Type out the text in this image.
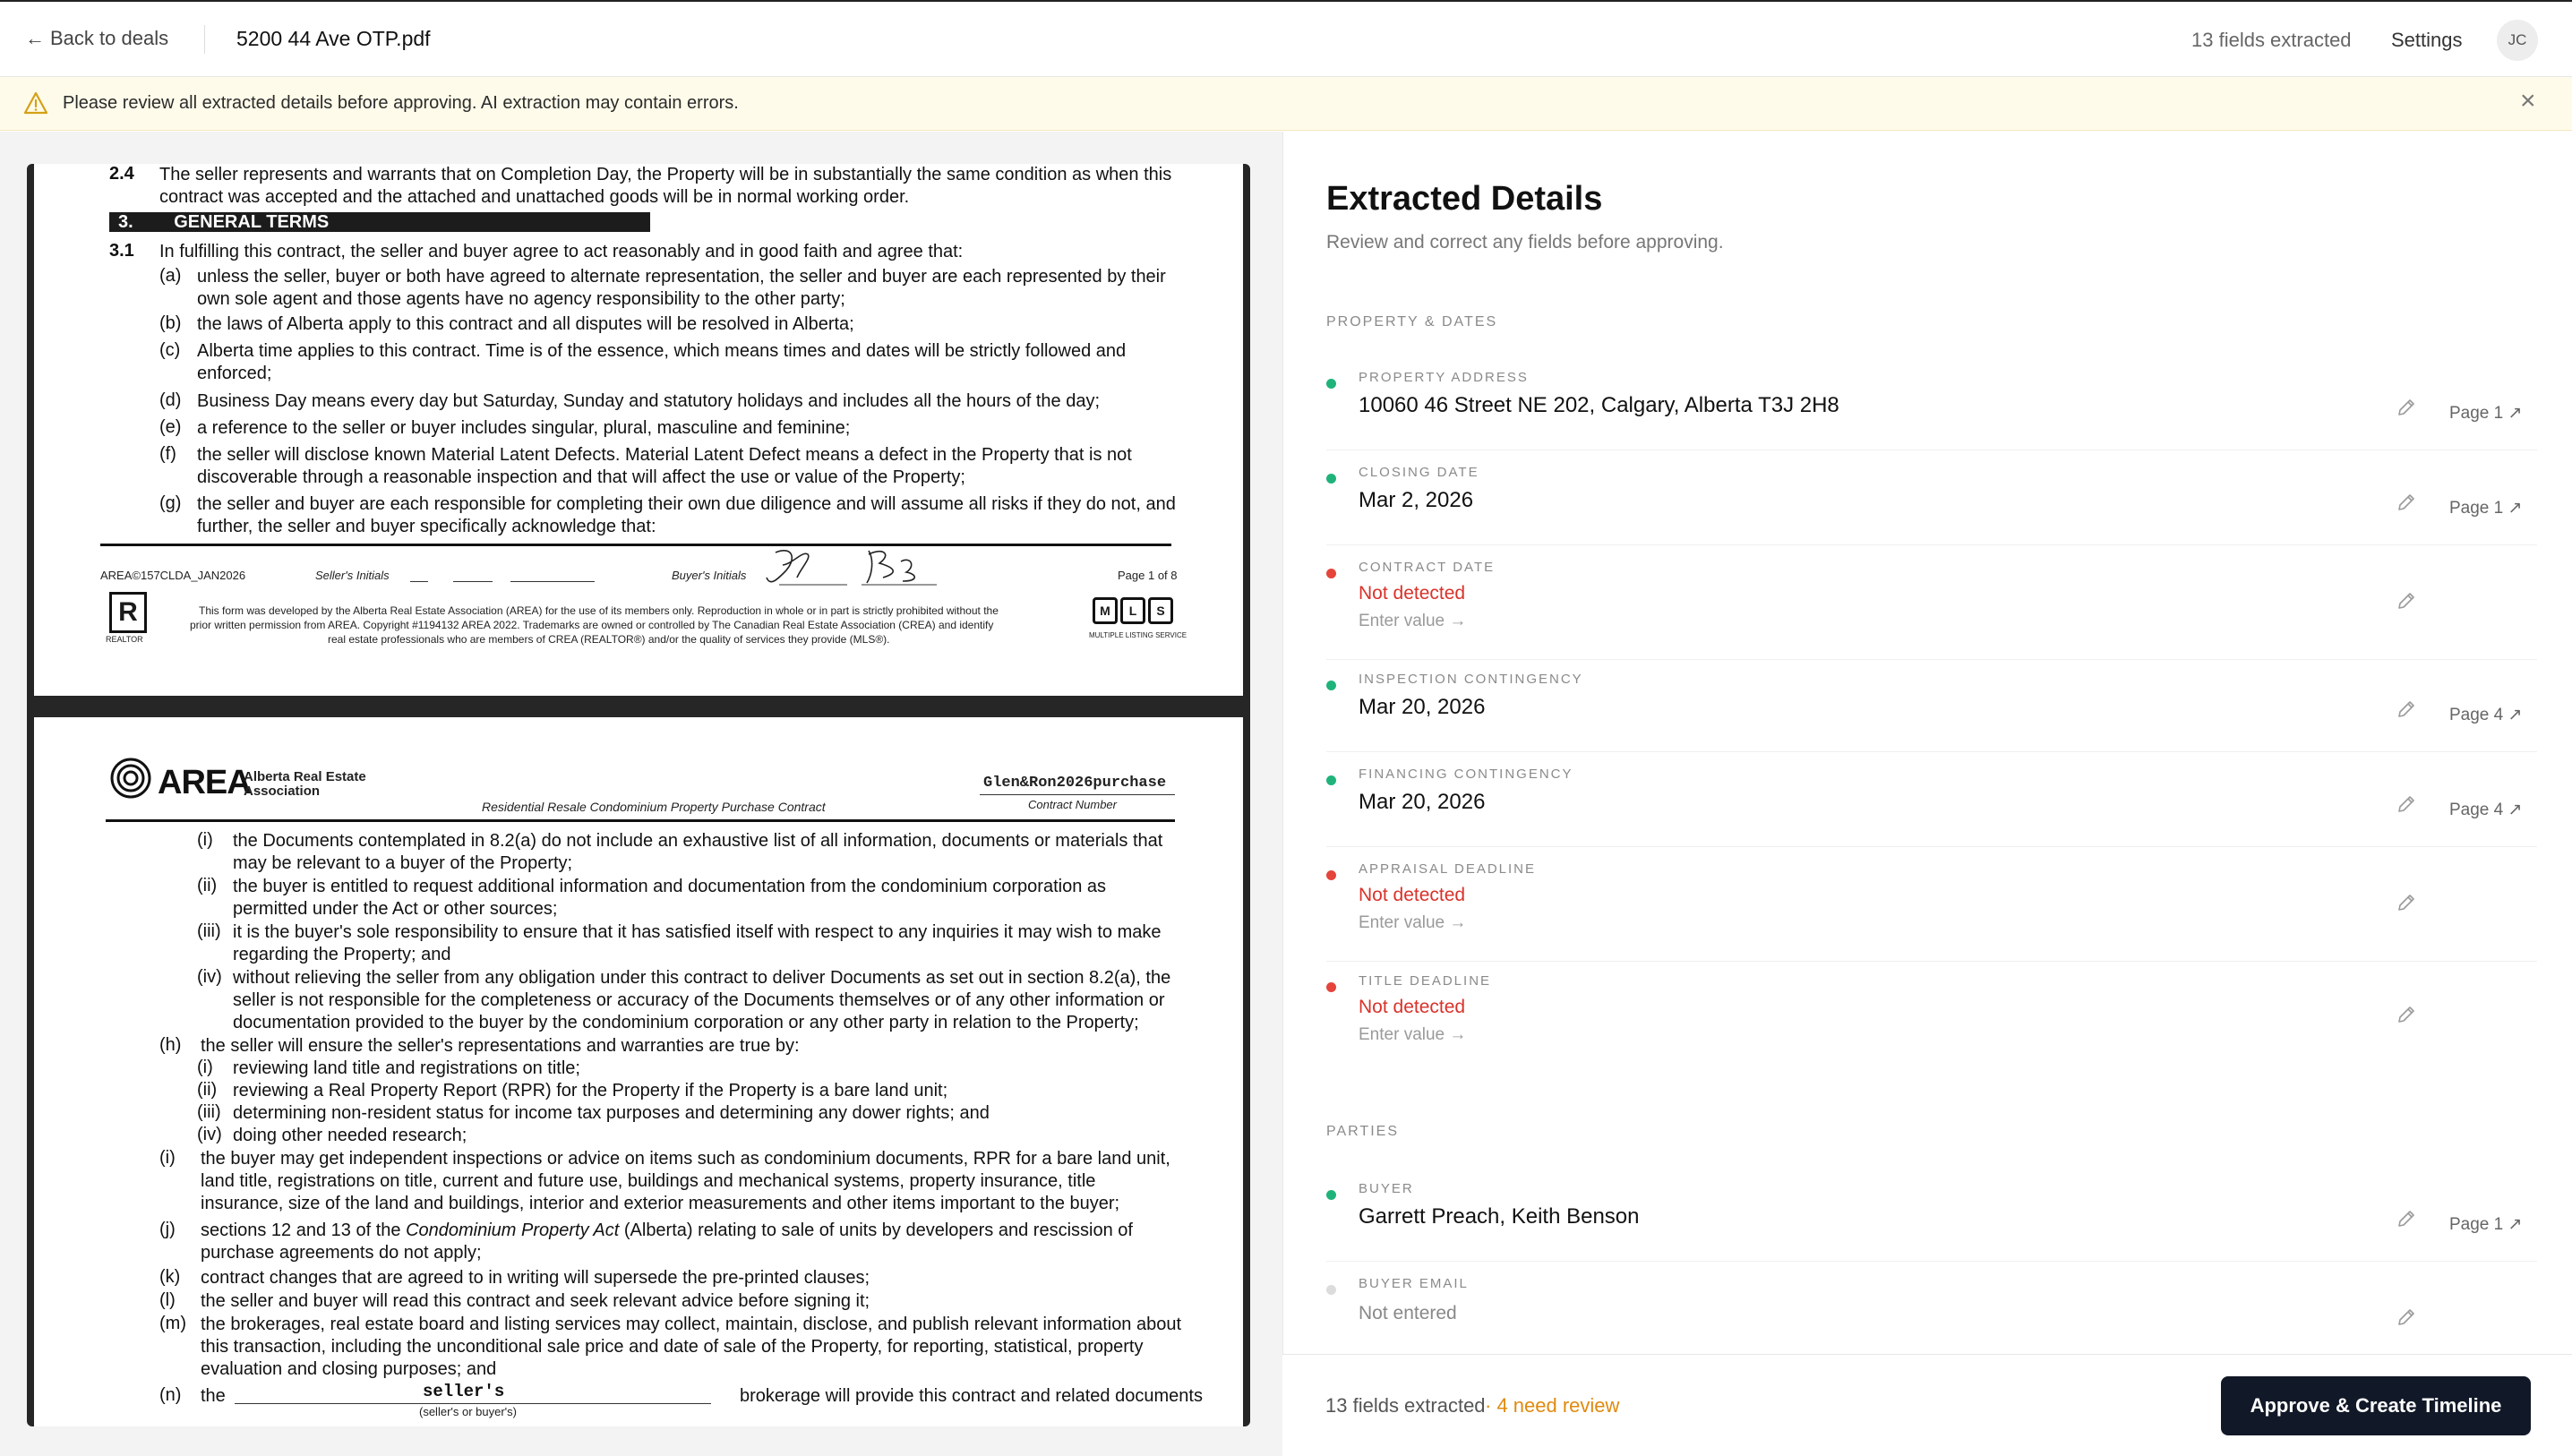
← Back to deals	5200 44 Ave OTP.pdf	13 fields extracted Settings	JC
Please review all extracted details before approving. AI extraction may contain errors.	×
2.4 The seller represents and warrants that on Completion Day, the Property will be in substantially the same condition as when this
contract was accepted and the attached and unattached goods will be in normal working order.
3. GENERAL TERMS
3.1 In fulfilling this contract, the seller and buyer agree to act reasonably and in good faith and agree that:
(a) unless the seller, buyer or both have agreed to alternate representation, the seller and buyer are each represented by their
own sole agent and those agents have no agency responsibility to the other party;
(b) the laws of Alberta apply to this contract and all disputes will be resolved in Alberta;
(c) Alberta time applies to this contract. Time is of the essence, which means times and dates will be strictly followed and
enforced;
(d) Business Day means every day but Saturday, Sunday and statutory holidays and includes all the hours of the day;
(e) a reference to the seller or buyer includes singular, plural, masculine and feminine;
(f) the seller will disclose known Material Latent Defects. Material Latent Defect means a defect in the Property that is not
discoverable through a reasonable inspection and that will affect the use or value of the Property;
(g) the seller and buyer are each responsible for completing their own due diligence and will assume all risks if they do not, and
further, the seller and buyer specifically acknowledge that:
AREA©157CLDA_JAN2026	Seller's Initials	Buyer's Initials	Page 1 of 8
R
REALTOR
This form was developed by the Alberta Real Estate Association (AREA) for the use of its members only. Reproduction in whole or in part is strictly prohibited without the
prior written permission from AREA. Copyright #1194132 AREA 2022. Trademarks are owned or controlled by The Canadian Real Estate Association (CREA) and identify
real estate professionals who are members of CREA (REALTOR®) and/or the quality of services they provide (MLS®).
M	L	S
MULTIPLE LISTING SERVICE
AREA
Alberta Real Estate
Association
Residential Resale Condominium Property Purchase Contract
Glen&Ron2026purchase
Contract Number
(i) the Documents contemplated in 8.2(a) do not include an exhaustive list of all information, documents or materials that
may be relevant to a buyer of the Property;
(ii) the buyer is entitled to request additional information and documentation from the condominium corporation as
permitted under the Act or other sources;
(iii) it is the buyer's sole responsibility to ensure that it has satisfied itself with respect to any inquiries it may wish to make
regarding the Property; and
(iv) without relieving the seller from any obligation under this contract to deliver Documents as set out in section 8.2(a), the
seller is not responsible for the completeness or accuracy of the Documents themselves or of any other information or
documentation provided to the buyer by the condominium corporation or any other party in relation to the Property;
(h) the seller will ensure the seller's representations and warranties are true by:
(i) reviewing land title and registrations on title;
(ii) reviewing a Real Property Report (RPR) for the Property if the Property is a bare land unit;
(iii) determining non-resident status for income tax purposes and determining any dower rights; and
(iv) doing other needed research;
(i) the buyer may get independent inspections or advice on items such as condominium documents, RPR for a bare land unit,
land title, registrations on title, current and future use, buildings and mechanical systems, property insurance, title
insurance, size of the land and buildings, interior and exterior measurements and other items important to the buyer;
(j) sections 12 and 13 of the Condominium Property Act (Alberta) relating to sale of units by developers and rescission of
purchase agreements do not apply;
(k) contract changes that are agreed to in writing will supersede the pre-printed clauses;
(l) the seller and buyer will read this contract and seek relevant advice before signing it;
(m) the brokerages, real estate board and listing services may collect, maintain, disclose, and publish relevant information about
this transaction, including the unconditional sale price and date of sale of the Property, for reporting, statistical, property
evaluation and closing purposes; and
(n) the	seller's
(seller's or buyer's)
brokerage will provide this contract and related documents
Extracted Details
Review and correct any fields before approving.
PROPERTY & DATES
PROPERTY ADDRESS
10060 46 Street NE 202, Calgary, Alberta T3J 2H8	Page 1 ↗
CLOSING DATE
Mar 2, 2026	Page 1 ↗
CONTRACT DATE
Not detected
Enter value →
INSPECTION CONTINGENCY
Mar 20, 2026	Page 4 ↗
FINANCING CONTINGENCY
Mar 20, 2026	Page 4 ↗
APPRAISAL DEADLINE
Not detected
Enter value →
TITLE DEADLINE
Not detected
Enter value →
PARTIES
BUYER
Garrett Preach, Keith Benson	Page 1 ↗
BUYER EMAIL
Not entered
13 fields extracted · 4 need review	Approve & Create Timeline
